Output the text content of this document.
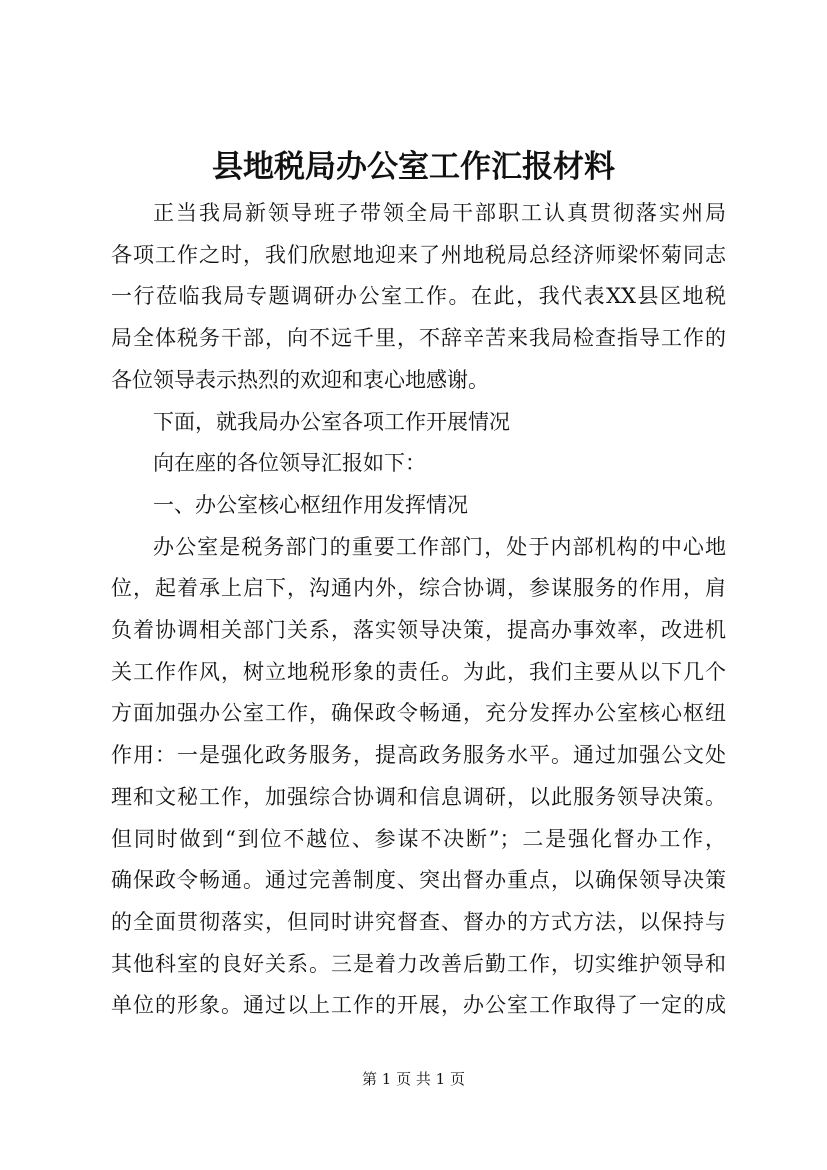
县地税局办公室工作汇报材料
正当我局新领导班子带领全局干部职工认真贯彻落实州局
各项工作之时，我们欣慰地迎来了州地税局总经济师梁怀菊同志
一行莅临我局专题调研办公室工作。在此，我代表XX县区地税
局全体税务干部，向不远千里，不辞辛苦来我局检查指导工作的
各位领导表示热烈的欢迎和衷心地感谢。
下面，就我局办公室各项工作开展情况
向在座的各位领导汇报如下：
一、办公室核心枢纽作用发挥情况
办公室是税务部门的重要工作部门，处于内部机构的中心地
位，起着承上启下，沟通内外，综合协调，参谋服务的作用，肩
负着协调相关部门关系，落实领导决策，提高办事效率，改进机
关工作作风，树立地税形象的责任。为此，我们主要从以下几个
方面加强办公室工作，确保政令畅通，充分发挥办公室核心枢纽
作用：一是强化政务服务，提高政务服务水平。通过加强公文处
理和文秘工作，加强综合协调和信息调研，以此服务领导决策。
但同时做到“到位不越位、参谋不决断”；二是强化督办工作，
确保政令畅通。通过完善制度、突出督办重点，以确保领导决策
的全面贯彻落实，但同时讲究督查、督办的方式方法，以保持与
其他科室的良好关系。三是着力改善后勤工作，切实维护领导和
单位的形象。通过以上工作的开展，办公室工作取得了一定的成
第 1 页 共 1 页
